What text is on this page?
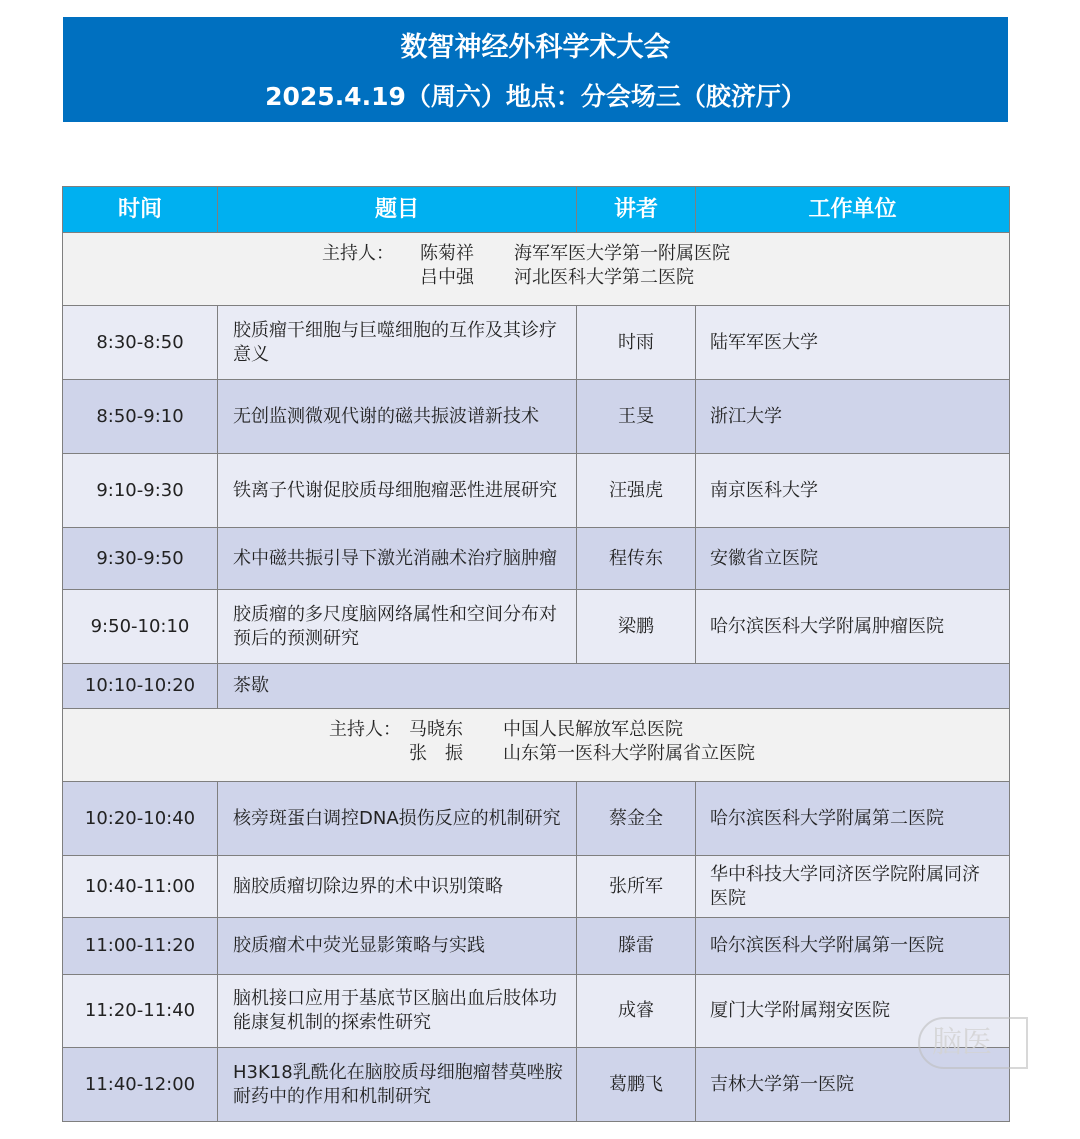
数智神经外科学术大会
2025.4.19（周六）地点：分会场三（胶济厅）
时间	题目	讲者	工作单位

主持人： 陈菊祥 海军军医大学第一附属医院
吕中强 河北医科大学第二医院			

8:30-8:50	胶质瘤干细胞与巨噬细胞的互作及其诊疗意义	时雨	陆军军医大学
8:50-9:10	无创监测微观代谢的磁共振波谱新技术	王旻	浙江大学
9:10-9:30	铁离子代谢促胶质母细胞瘤恶性进展研究	汪强虎	南京医科大学
9:30-9:50	术中磁共振引导下激光消融术治疗脑肿瘤	程传东	安徽省立医院
9:50-10:10	胶质瘤的多尺度脑网络属性和空间分布对预后的预测研究	梁鹏	哈尔滨医科大学附属肿瘤医院
10:10-10:20	茶歇		

主持人： 马晓东 中国人民解放军总医院
张　振 山东第一医科大学附属省立医院			

10:20-10:40	核旁斑蛋白调控DNA损伤反应的机制研究	蔡金全	哈尔滨医科大学附属第二医院
10:40-11:00	脑胶质瘤切除边界的术中识别策略	张所军	华中科技大学同济医学院附属同济医院
11:00-11:20	胶质瘤术中荧光显影策略与实践	滕雷	哈尔滨医科大学附属第一医院
11:20-11:40	脑机接口应用于基底节区脑出血后肢体功能康复机制的探索性研究	成睿	厦门大学附属翔安医院
11:40-12:00	H3K18乳酰化在脑胶质母细胞瘤替莫唑胺耐药中的作用和机制研究	葛鹏飞	吉林大学第一医院
脑医
